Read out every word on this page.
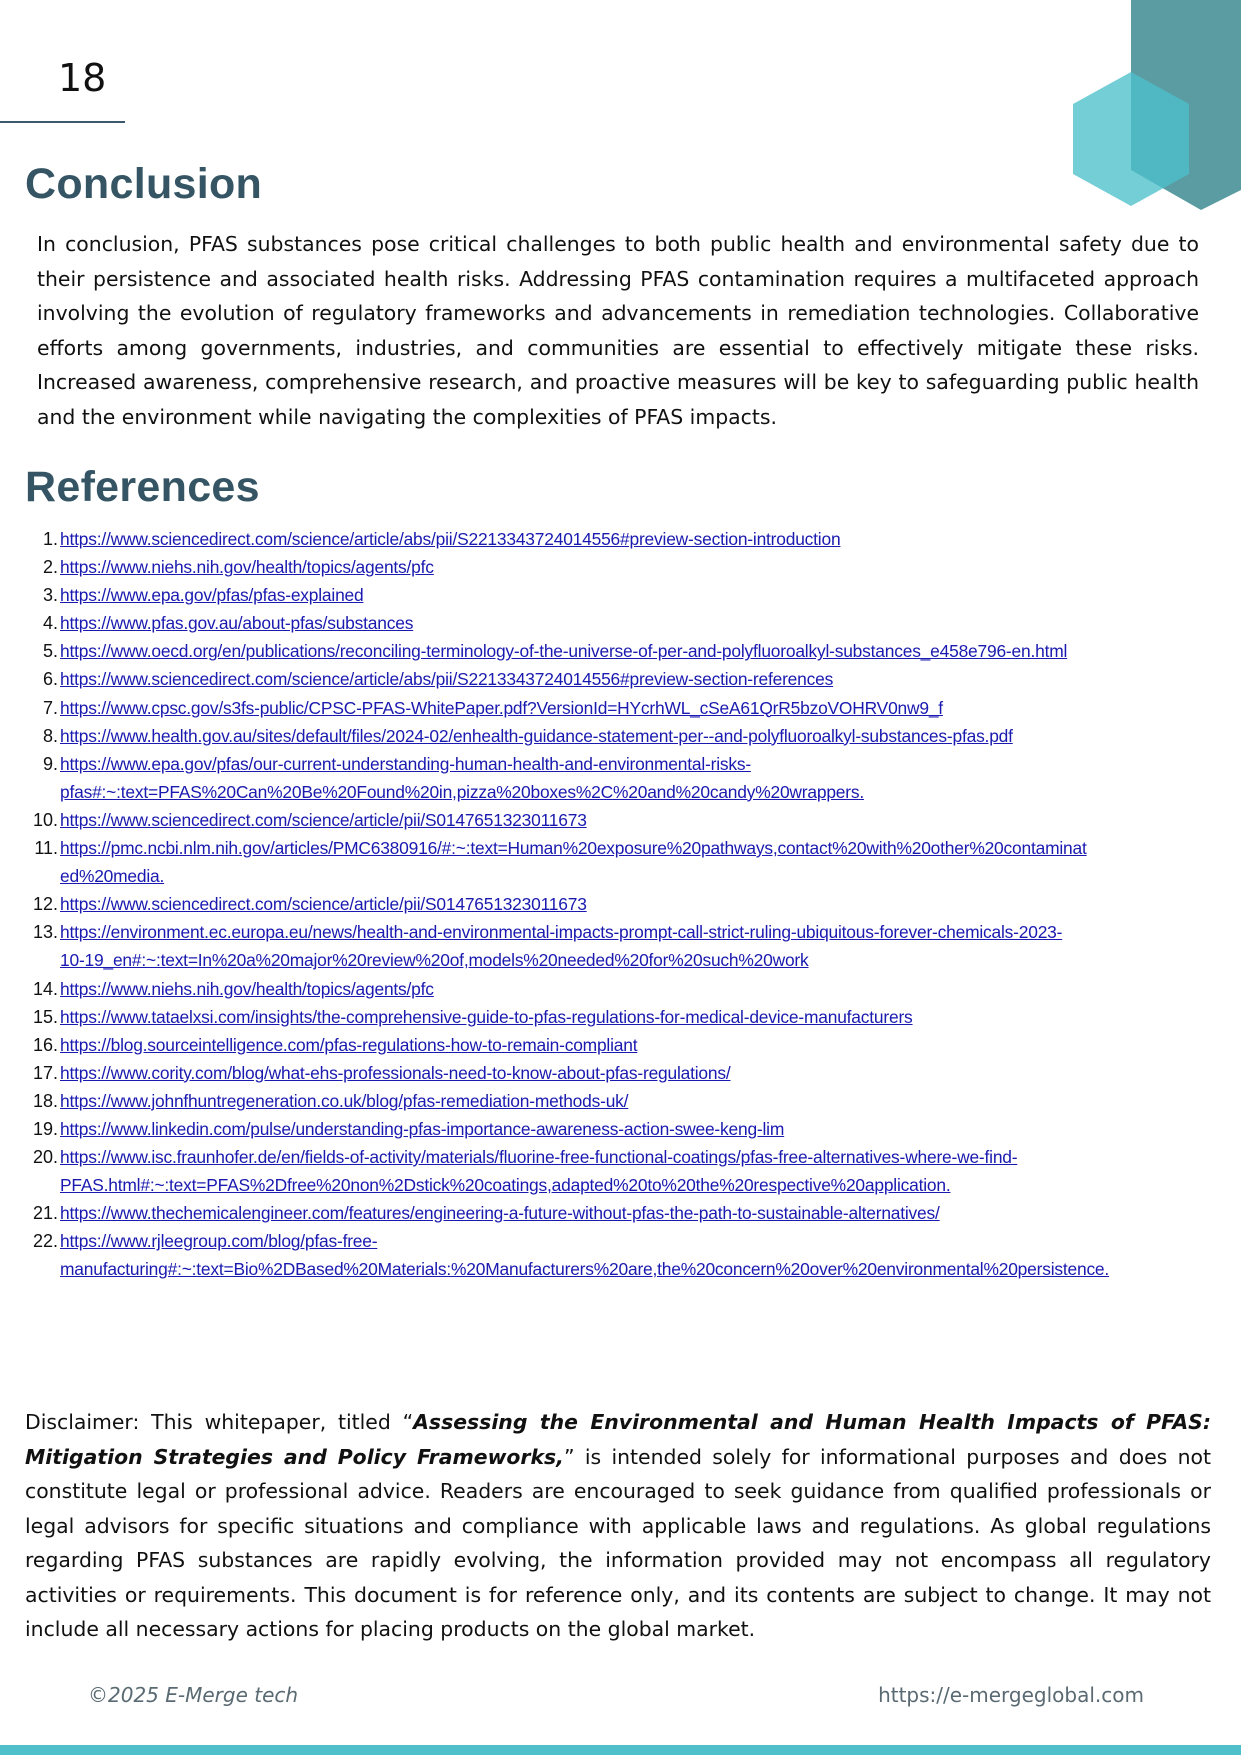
18
Conclusion

In conclusion, PFAS substances pose critical challenges to both public health and environmental safety due to their persistence and associated health risks. Addressing PFAS contamination requires a multifaceted approach involving the evolution of regulatory frameworks and advancements in remediation technologies. Collaborative efforts among governments, industries, and communities are essential to effectively mitigate these risks. Increased awareness, comprehensive research, and proactive measures will be key to safeguarding public health and the environment while navigating the complexities of PFAS impacts.

References
1. https://www.sciencedirect.com/science/article/abs/pii/S2213343724014556#preview-section-introduction
2. https://www.niehs.nih.gov/health/topics/agents/pfc
3. https://www.epa.gov/pfas/pfas-explained
4. https://www.pfas.gov.au/about-pfas/substances
5. https://www.oecd.org/en/publications/reconciling-terminology-of-the-universe-of-per-and-polyfluoroalkyl-substances_e458e796-en.html
6. https://www.sciencedirect.com/science/article/abs/pii/S2213343724014556#preview-section-references
7. https://www.cpsc.gov/s3fs-public/CPSC-PFAS-WhitePaper.pdf?VersionId=HYcrhWL_cSeA61QrR5bzoVOHRV0nw9_f
8. https://www.health.gov.au/sites/default/files/2024-02/enhealth-guidance-statement-per--and-polyfluoroalkyl-substances-pfas.pdf
9. https://www.epa.gov/pfas/our-current-understanding-human-health-and-environmental-risks-
pfas#:~:text=PFAS%20Can%20Be%20Found%20in,pizza%20boxes%2C%20and%20candy%20wrappers.
10. https://www.sciencedirect.com/science/article/pii/S0147651323011673
11. https://pmc.ncbi.nlm.nih.gov/articles/PMC6380916/#:~:text=Human%20exposure%20pathways,contact%20with%20other%20contaminat
ed%20media.
12. https://www.sciencedirect.com/science/article/pii/S0147651323011673
13. https://environment.ec.europa.eu/news/health-and-environmental-impacts-prompt-call-strict-ruling-ubiquitous-forever-chemicals-2023-
10-19_en#:~:text=In%20a%20major%20review%20of,models%20needed%20for%20such%20work
14. https://www.niehs.nih.gov/health/topics/agents/pfc
15. https://www.tataelxsi.com/insights/the-comprehensive-guide-to-pfas-regulations-for-medical-device-manufacturers
16. https://blog.sourceintelligence.com/pfas-regulations-how-to-remain-compliant
17. https://www.cority.com/blog/what-ehs-professionals-need-to-know-about-pfas-regulations/
18. https://www.johnfhuntregeneration.co.uk/blog/pfas-remediation-methods-uk/
19. https://www.linkedin.com/pulse/understanding-pfas-importance-awareness-action-swee-keng-lim
20. https://www.isc.fraunhofer.de/en/fields-of-activity/materials/fluorine-free-functional-coatings/pfas-free-alternatives-where-we-find-
PFAS.html#:~:text=PFAS%2Dfree%20non%2Dstick%20coatings,adapted%20to%20the%20respective%20application.
21. https://www.thechemicalengineer.com/features/engineering-a-future-without-pfas-the-path-to-sustainable-alternatives/
22. https://www.rjleegroup.com/blog/pfas-free-
manufacturing#:~:text=Bio%2DBased%20Materials:%20Manufacturers%20are,the%20concern%20over%20environmental%20persistence.

Disclaimer: This whitepaper, titled “Assessing the Environmental and Human Health Impacts of PFAS: Mitigation Strategies and Policy Frameworks,” is intended solely for informational purposes and does not constitute legal or professional advice. Readers are encouraged to seek guidance from qualified professionals or legal advisors for specific situations and compliance with applicable laws and regulations. As global regulations regarding PFAS substances are rapidly evolving, the information provided may not encompass all regulatory activities or requirements. This document is for reference only, and its contents are subject to change. It may not include all necessary actions for placing products on the global market.

©2025 E-Merge tech	https://e-mergeglobal.com
